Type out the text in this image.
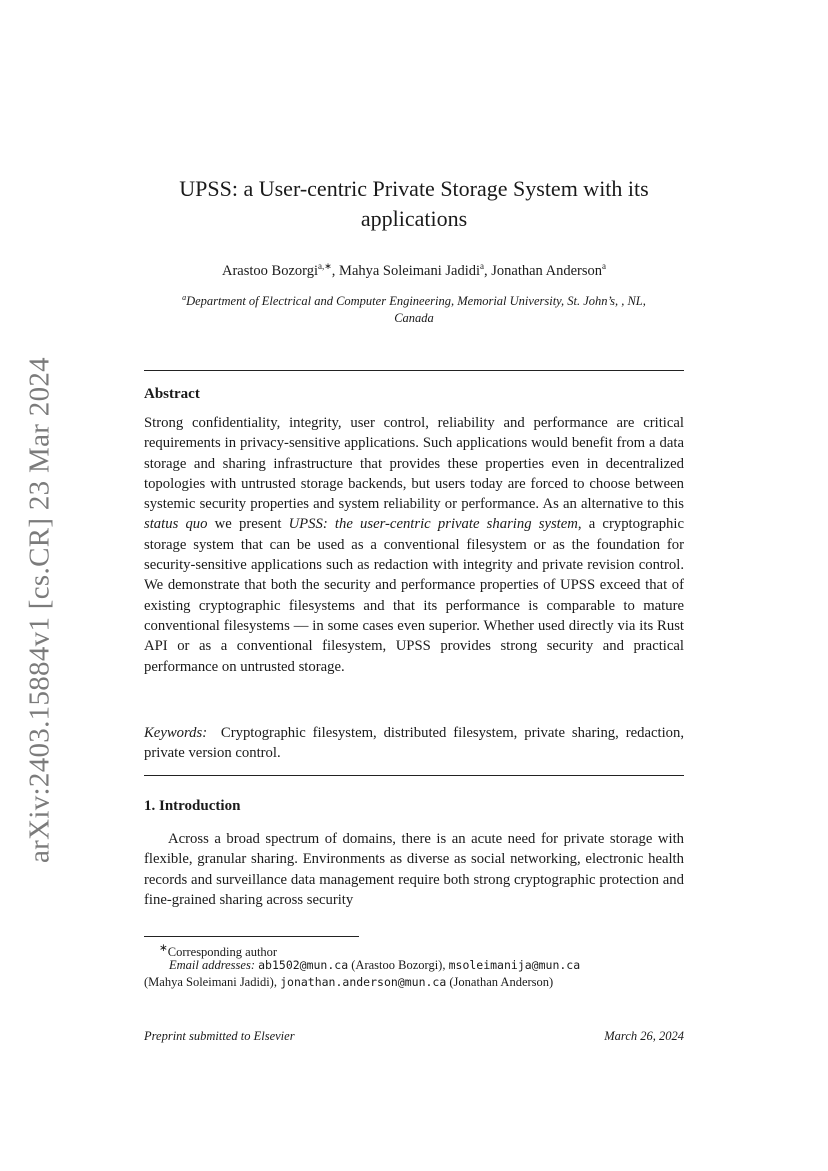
arXiv:2403.15884v1 [cs.CR] 23 Mar 2024
UPSS: a User-centric Private Storage System with its applications
Arastoo Bozorgi$^{a,∗}$, Mahya Soleimani Jadidi$^a$, Jonathan Anderson$^a$
$^a$Department of Electrical and Computer Engineering, Memorial University, St. John’s, , NL, Canada
Abstract

Strong confidentiality, integrity, user control, reliability and performance are critical requirements in privacy-sensitive applications. Such applications would benefit from a data storage and sharing infrastructure that provides these properties even in decentralized topologies with untrusted storage backends, but users today are forced to choose between systemic security properties and system reliability or performance. As an alternative to this status quo we present UPSS: the user-centric private sharing system, a cryptographic storage system that can be used as a conventional filesystem or as the foundation for security-sensitive applications such as redaction with integrity and private revision control. We demonstrate that both the security and performance properties of UPSS exceed that of existing cryptographic filesystems and that its performance is comparable to mature conventional filesystems — in some cases even superior. Whether used directly via its Rust API or as a conventional filesystem, UPSS provides strong security and practical performance on untrusted storage.

Keywords: Cryptographic filesystem, distributed filesystem, private sharing, redaction, private version control.

1. Introduction

Across a broad spectrum of domains, there is an acute need for private storage with flexible, granular sharing. Environments as diverse as social networking, electronic health records and surveillance data management require both strong cryptographic protection and fine-grained sharing across security

∗Corresponding author
Email addresses: ab1502@mun.ca (Arastoo Bozorgi), msoleimanija@mun.ca
(Mahya Soleimani Jadidi), jonathan.anderson@mun.ca (Jonathan Anderson)
Preprint submitted to Elsevier	March 26, 2024
